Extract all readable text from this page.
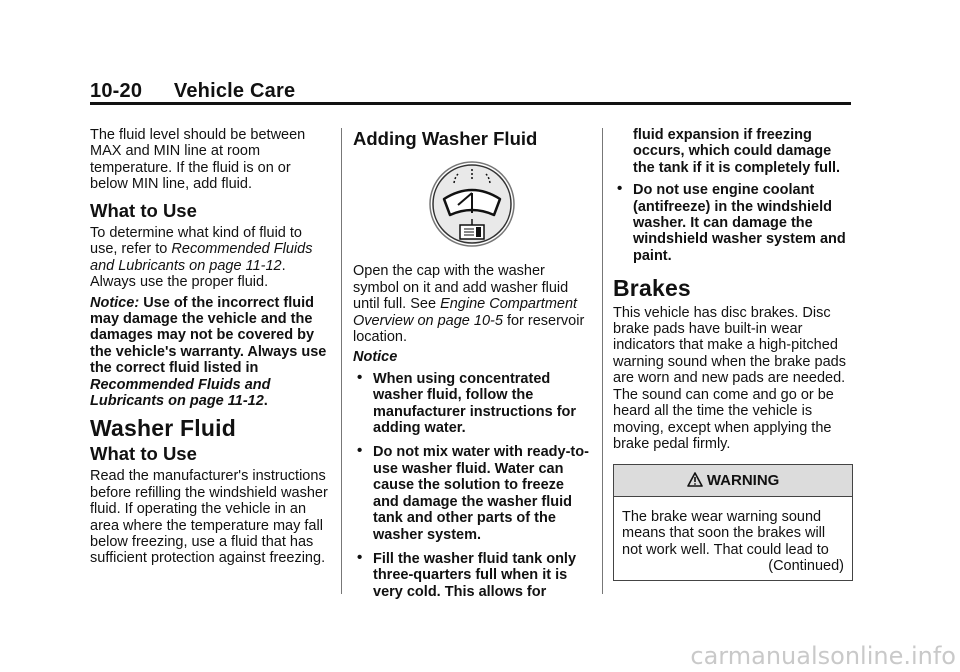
10-20 Vehicle Care

The fluid level should be between MAX and MIN line at room temperature. If the fluid is on or below MIN line, add fluid.

What to Use

To determine what kind of fluid to use, refer to Recommended Fluids and Lubricants on page 11-12. Always use the proper fluid.

Notice: Use of the incorrect fluid may damage the vehicle and the damages may not be covered by the vehicle's warranty. Always use the correct fluid listed in Recommended Fluids and Lubricants on page 11-12.

Washer Fluid
What to Use

Read the manufacturer's instructions before refilling the windshield washer fluid. If operating the vehicle in an area where the temperature may fall below freezing, use a fluid that has sufficient protection against freezing.

Adding Washer Fluid

Open the cap with the washer symbol on it and add washer fluid until full. See Engine Compartment Overview on page 10-5 for reservoir location.

Notice
• When using concentrated washer fluid, follow the manufacturer instructions for adding water.
• Do not mix water with ready-to-use washer fluid. Water can cause the solution to freeze and damage the washer fluid tank and other parts of the washer system.
• Fill the washer fluid tank only three-quarters full when it is very cold. This allows for

fluid expansion if freezing occurs, which could damage the tank if it is completely full.

• Do not use engine coolant (antifreeze) in the windshield washer. It can damage the windshield washer system and paint.
Brakes

This vehicle has disc brakes. Disc brake pads have built-in wear indicators that make a high-pitched warning sound when the brake pads are worn and new pads are needed. The sound can come and go or be heard all the time the vehicle is moving, except when applying the brake pedal firmly.

WARNING

The brake wear warning sound means that soon the brakes will not work well. That could lead to

(Continued)

carmanualsonline.info
